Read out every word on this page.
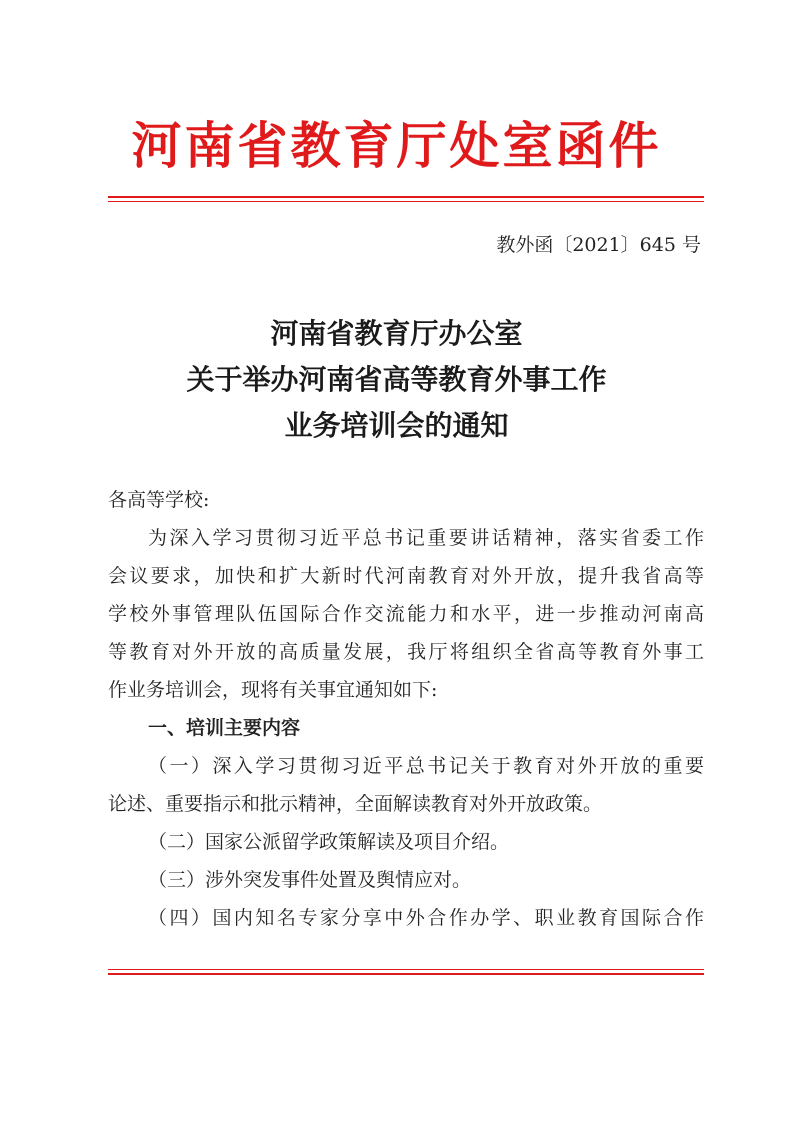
河南省教育厅处室函件
教外函〔2021〕645 号
河南省教育厅办公室
关于举办河南省高等教育外事工作
业务培训会的通知
各高等学校:
为深入学习贯彻习近平总书记重要讲话精神，落实省委工作
会议要求，加快和扩大新时代河南教育对外开放，提升我省高等
学校外事管理队伍国际合作交流能力和水平，进一步推动河南高
等教育对外开放的高质量发展，我厅将组织全省高等教育外事工
作业务培训会，现将有关事宜通知如下:
一、培训主要内容
（一）深入学习贯彻习近平总书记关于教育对外开放的重要
论述、重要指示和批示精神，全面解读教育对外开放政策。
（二）国家公派留学政策解读及项目介绍。
（三）涉外突发事件处置及舆情应对。
（四）国内知名专家分享中外合作办学、职业教育国际合作
